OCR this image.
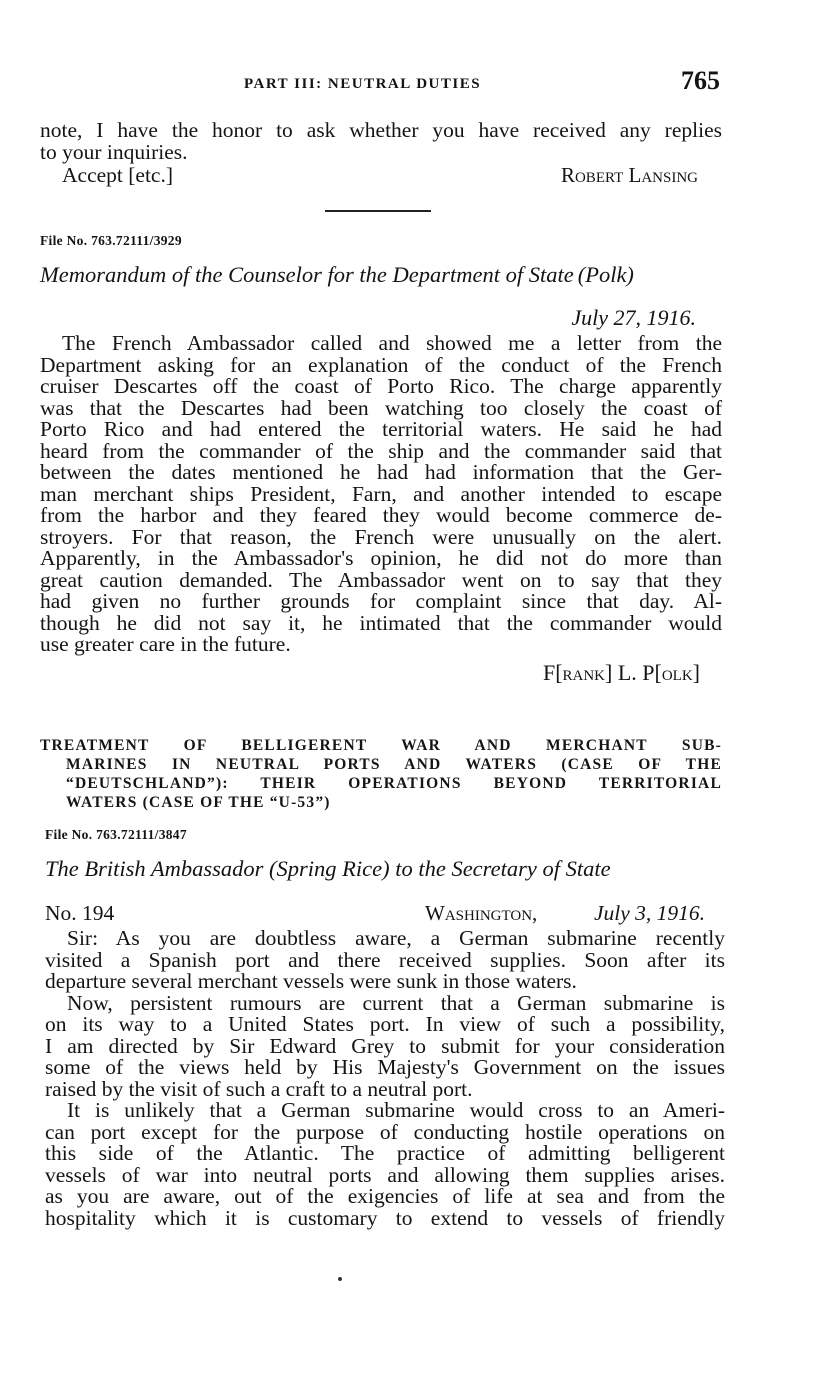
PART III: NEUTRAL DUTIES	765
note, I have the honor to ask whether you have received any replies
to your inquiries.
Accept [etc.]	Robert Lansing
File No. 763.72111/3929
Memorandum of the Counselor for the Department of State (Polk)
July 27, 1916.
The French Ambassador called and showed me a letter from the
Department asking for an explanation of the conduct of the French
cruiser Descartes off the coast of Porto Rico. The charge apparently
was that the Descartes had been watching too closely the coast of
Porto Rico and had entered the territorial waters. He said he had
heard from the commander of the ship and the commander said that
between the dates mentioned he had had information that the Ger-
man merchant ships President, Farn, and another intended to escape
from the harbor and they feared they would become commerce de-
stroyers. For that reason, the French were unusually on the alert.
Apparently, in the Ambassador's opinion, he did not do more than
great caution demanded. The Ambassador went on to say that they
had given no further grounds for complaint since that day. Al-
though he did not say it, he intimated that the commander would
use greater care in the future.
F[rank] L. P[olk]
TREATMENT OF BELLIGERENT WAR AND MERCHANT SUB-
MARINES IN NEUTRAL PORTS AND WATERS (CASE OF THE
“DEUTSCHLAND”): THEIR OPERATIONS BEYOND TERRITORIAL
WATERS (CASE OF THE “U-53”)
File No. 763.72111/3847
The British Ambassador (Spring Rice) to the Secretary of State
No. 194	Washington,	July 3, 1916.
Sir: As you are doubtless aware, a German submarine recently
visited a Spanish port and there received supplies. Soon after its
departure several merchant vessels were sunk in those waters.
Now, persistent rumours are current that a German submarine is
on its way to a United States port. In view of such a possibility,
I am directed by Sir Edward Grey to submit for your consideration
some of the views held by His Majesty's Government on the issues
raised by the visit of such a craft to a neutral port.
It is unlikely that a German submarine would cross to an Ameri-
can port except for the purpose of conducting hostile operations on
this side of the Atlantic. The practice of admitting belligerent
vessels of war into neutral ports and allowing them supplies arises.
as you are aware, out of the exigencies of life at sea and from the
hospitality which it is customary to extend to vessels of friendly
